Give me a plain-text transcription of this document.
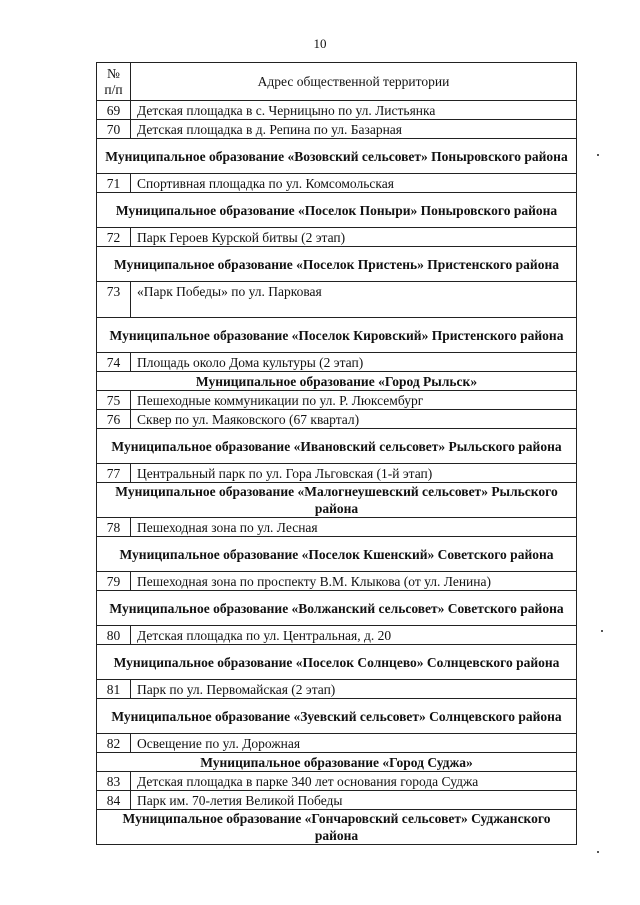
10
№
п/п	Адрес общественной территории
69	Детская площадка в с. Черницыно по ул. Листьянка
70	Детская площадка в д. Репина по ул. Базарная
Муниципальное образование «Возовский сельсовет» Поныровского района	
71	Спортивная площадка по ул. Комсомольская
Муниципальное образование «Поселок Поныри» Поныровского района	
72	Парк Героев Курской битвы (2 этап)
Муниципальное образование «Поселок Пристень» Пристенского района	
73	«Парк Победы» по ул. Парковая
Муниципальное образование «Поселок Кировский» Пристенского района	
74	Площадь около Дома культуры (2 этап)
Муниципальное образование «Город Рыльск»	
75	Пешеходные коммуникации по ул. Р. Люксембург
76	Сквер по ул. Маяковского (67 квартал)
Муниципальное образование «Ивановский сельсовет» Рыльского района	
77	Центральный парк по ул. Гора Льговская (1-й этап)
Муниципальное образование «Малогнеушевский сельсовет» Рыльского района	
78	Пешеходная зона по ул. Лесная
Муниципальное образование «Поселок Кшенский» Советского района	
79	Пешеходная зона по проспекту В.М. Клыкова (от ул. Ленина)
Муниципальное образование «Волжанский сельсовет» Советского района	
80	Детская площадка по ул. Центральная, д. 20
Муниципальное образование «Поселок Солнцево» Солнцевского района	
81	Парк по ул. Первомайская (2 этап)
Муниципальное образование «Зуевский сельсовет» Солнцевского района	
82	Освещение по ул. Дорожная
Муниципальное образование «Город Суджа»	
83	Детская площадка в парке 340 лет основания города Суджа
84	Парк им. 70-летия Великой Победы
Муниципальное образование «Гончаровский сельсовет» Суджанского района	
